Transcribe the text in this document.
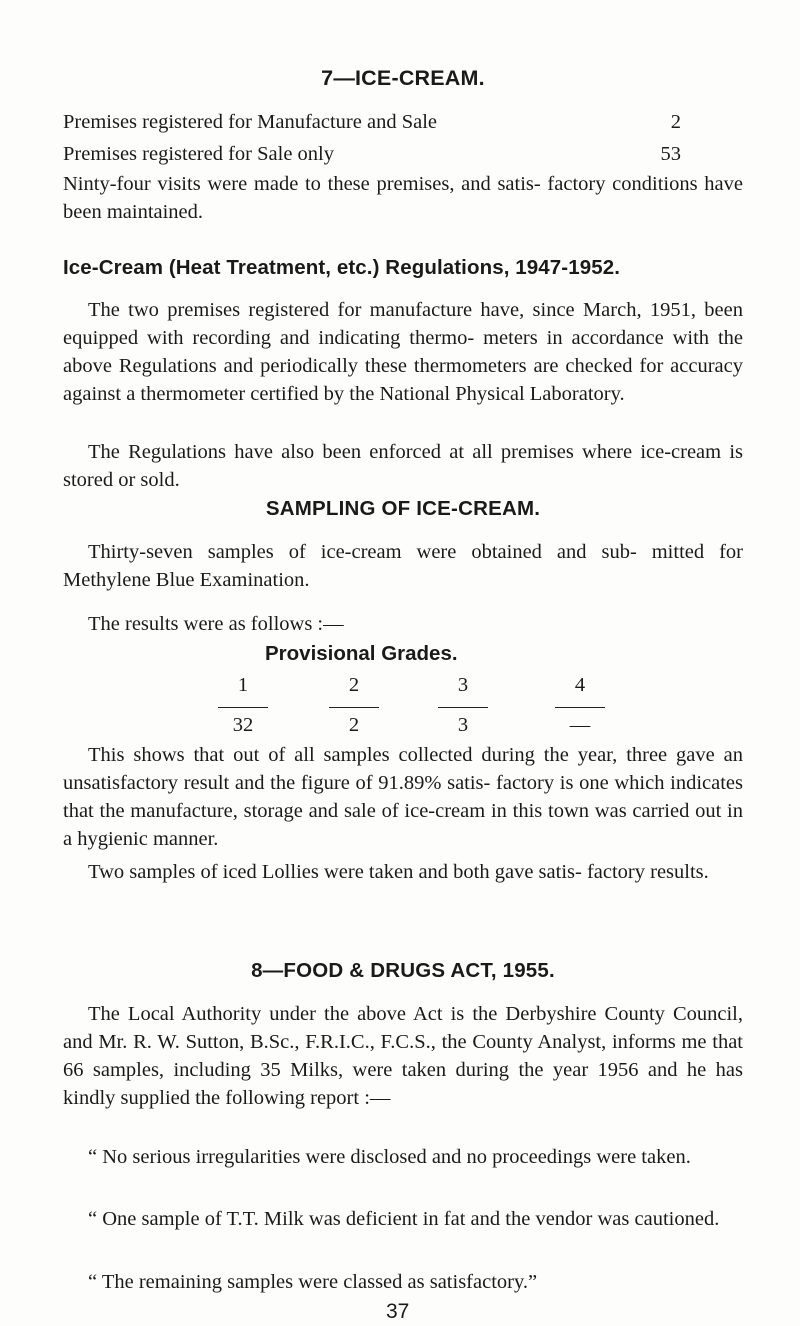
7—ICE-CREAM.
Premises registered for Manufacture and Sale	2
Premises registered for Sale only	53

Ninty-four visits were made to these premises, and satis- factory conditions have been maintained.

Ice-Cream (Heat Treatment, etc.) Regulations, 1947-1952.

The two premises registered for manufacture have, since March, 1951, been equipped with recording and indicating thermo- meters in accordance with the above Regulations and periodically these thermometers are checked for accuracy against a thermometer certified by the National Physical Laboratory.

The Regulations have also been enforced at all premises where ice-cream is stored or sold.

SAMPLING OF ICE-CREAM.

Thirty-seven samples of ice-cream were obtained and sub- mitted for Methylene Blue Examination.

The results were as follows :—

Provisional Grades.
1	2	3	4
32	2	3	—

This shows that out of all samples collected during the year, three gave an unsatisfactory result and the figure of 91.89% satis- factory is one which indicates that the manufacture, storage and sale of ice-cream in this town was carried out in a hygienic manner.

Two samples of iced Lollies were taken and both gave satis- factory results.

8—FOOD & DRUGS ACT, 1955.

The Local Authority under the above Act is the Derbyshire County Council, and Mr. R. W. Sutton, B.Sc., F.R.I.C., F.C.S., the County Analyst, informs me that 66 samples, including 35 Milks, were taken during the year 1956 and he has kindly supplied the following report :—

“ No serious irregularities were disclosed and no proceedings were taken.

“ One sample of T.T. Milk was deficient in fat and the vendor was cautioned.

“ The remaining samples were classed as satisfactory.”

37
